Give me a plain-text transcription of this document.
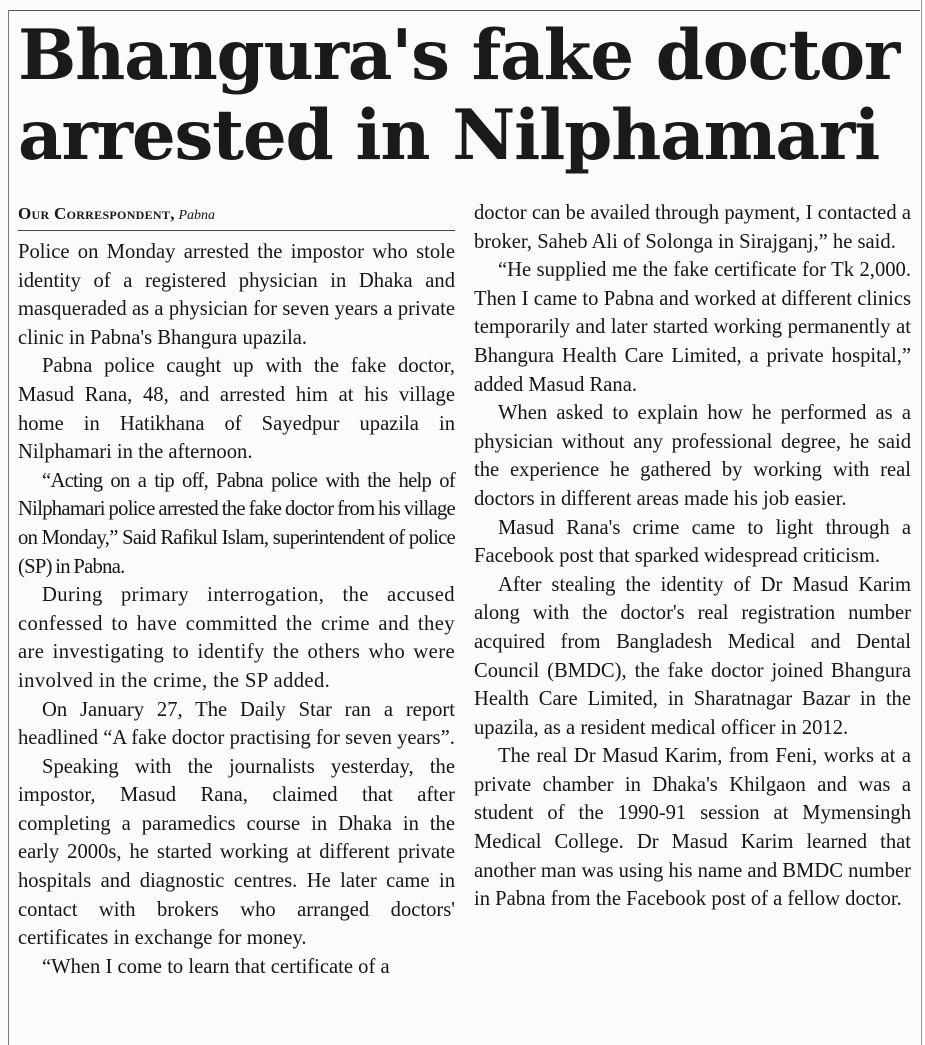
Bhangura's fake doctor
arrested in Nilphamari
Our Correspondent, Pabna

Police on Monday arrested the impostor who stole identity of a registered physician in Dhaka and masqueraded as a physician for seven years a private clinic in Pabna's Bhangura upazila.

Pabna police caught up with the fake doctor, Masud Rana, 48, and arrested him at his village home in Hatikhana of Sayedpur upazila in Nilphamari in the afternoon.

“Acting on a tip off, Pabna police with the help of Nilphamari police arrested the fake doctor from his village on Monday,” Said Rafikul Islam, superintendent of police (SP) in Pabna.

During primary interrogation, the accused confessed to have committed the crime and they are investigating to identify the others who were involved in the crime, the SP added.

On January 27, The Daily Star ran a report headlined “A fake doctor practising for seven years”.

Speaking with the journalists yesterday, the impostor, Masud Rana, claimed that after completing a paramedics course in Dhaka in the early 2000s, he started working at different private hospitals and diagnostic centres. He later came in contact with brokers who arranged doctors' certificates in exchange for money.

“When I come to learn that certificate of a

doctor can be availed through payment, I contacted a broker, Saheb Ali of Solonga in Sirajganj,” he said.

“He supplied me the fake certificate for Tk 2,000. Then I came to Pabna and worked at different clinics temporarily and later started working permanently at Bhangura Health Care Limited, a private hospital,” added Masud Rana.

When asked to explain how he performed as a physician without any professional degree, he said the experience he gathered by working with real doctors in different areas made his job easier.

Masud Rana's crime came to light through a Facebook post that sparked widespread criticism.

After stealing the identity of Dr Masud Karim along with the doctor's real registration number acquired from Bangladesh Medical and Dental Council (BMDC), the fake doctor joined Bhangura Health Care Limited, in Sharatnagar Bazar in the upazila, as a resident medical officer in 2012.

The real Dr Masud Karim, from Feni, works at a private chamber in Dhaka's Khilgaon and was a student of the 1990-91 session at Mymensingh Medical College. Dr Masud Karim learned that another man was using his name and BMDC number in Pabna from the Facebook post of a fellow doctor.
